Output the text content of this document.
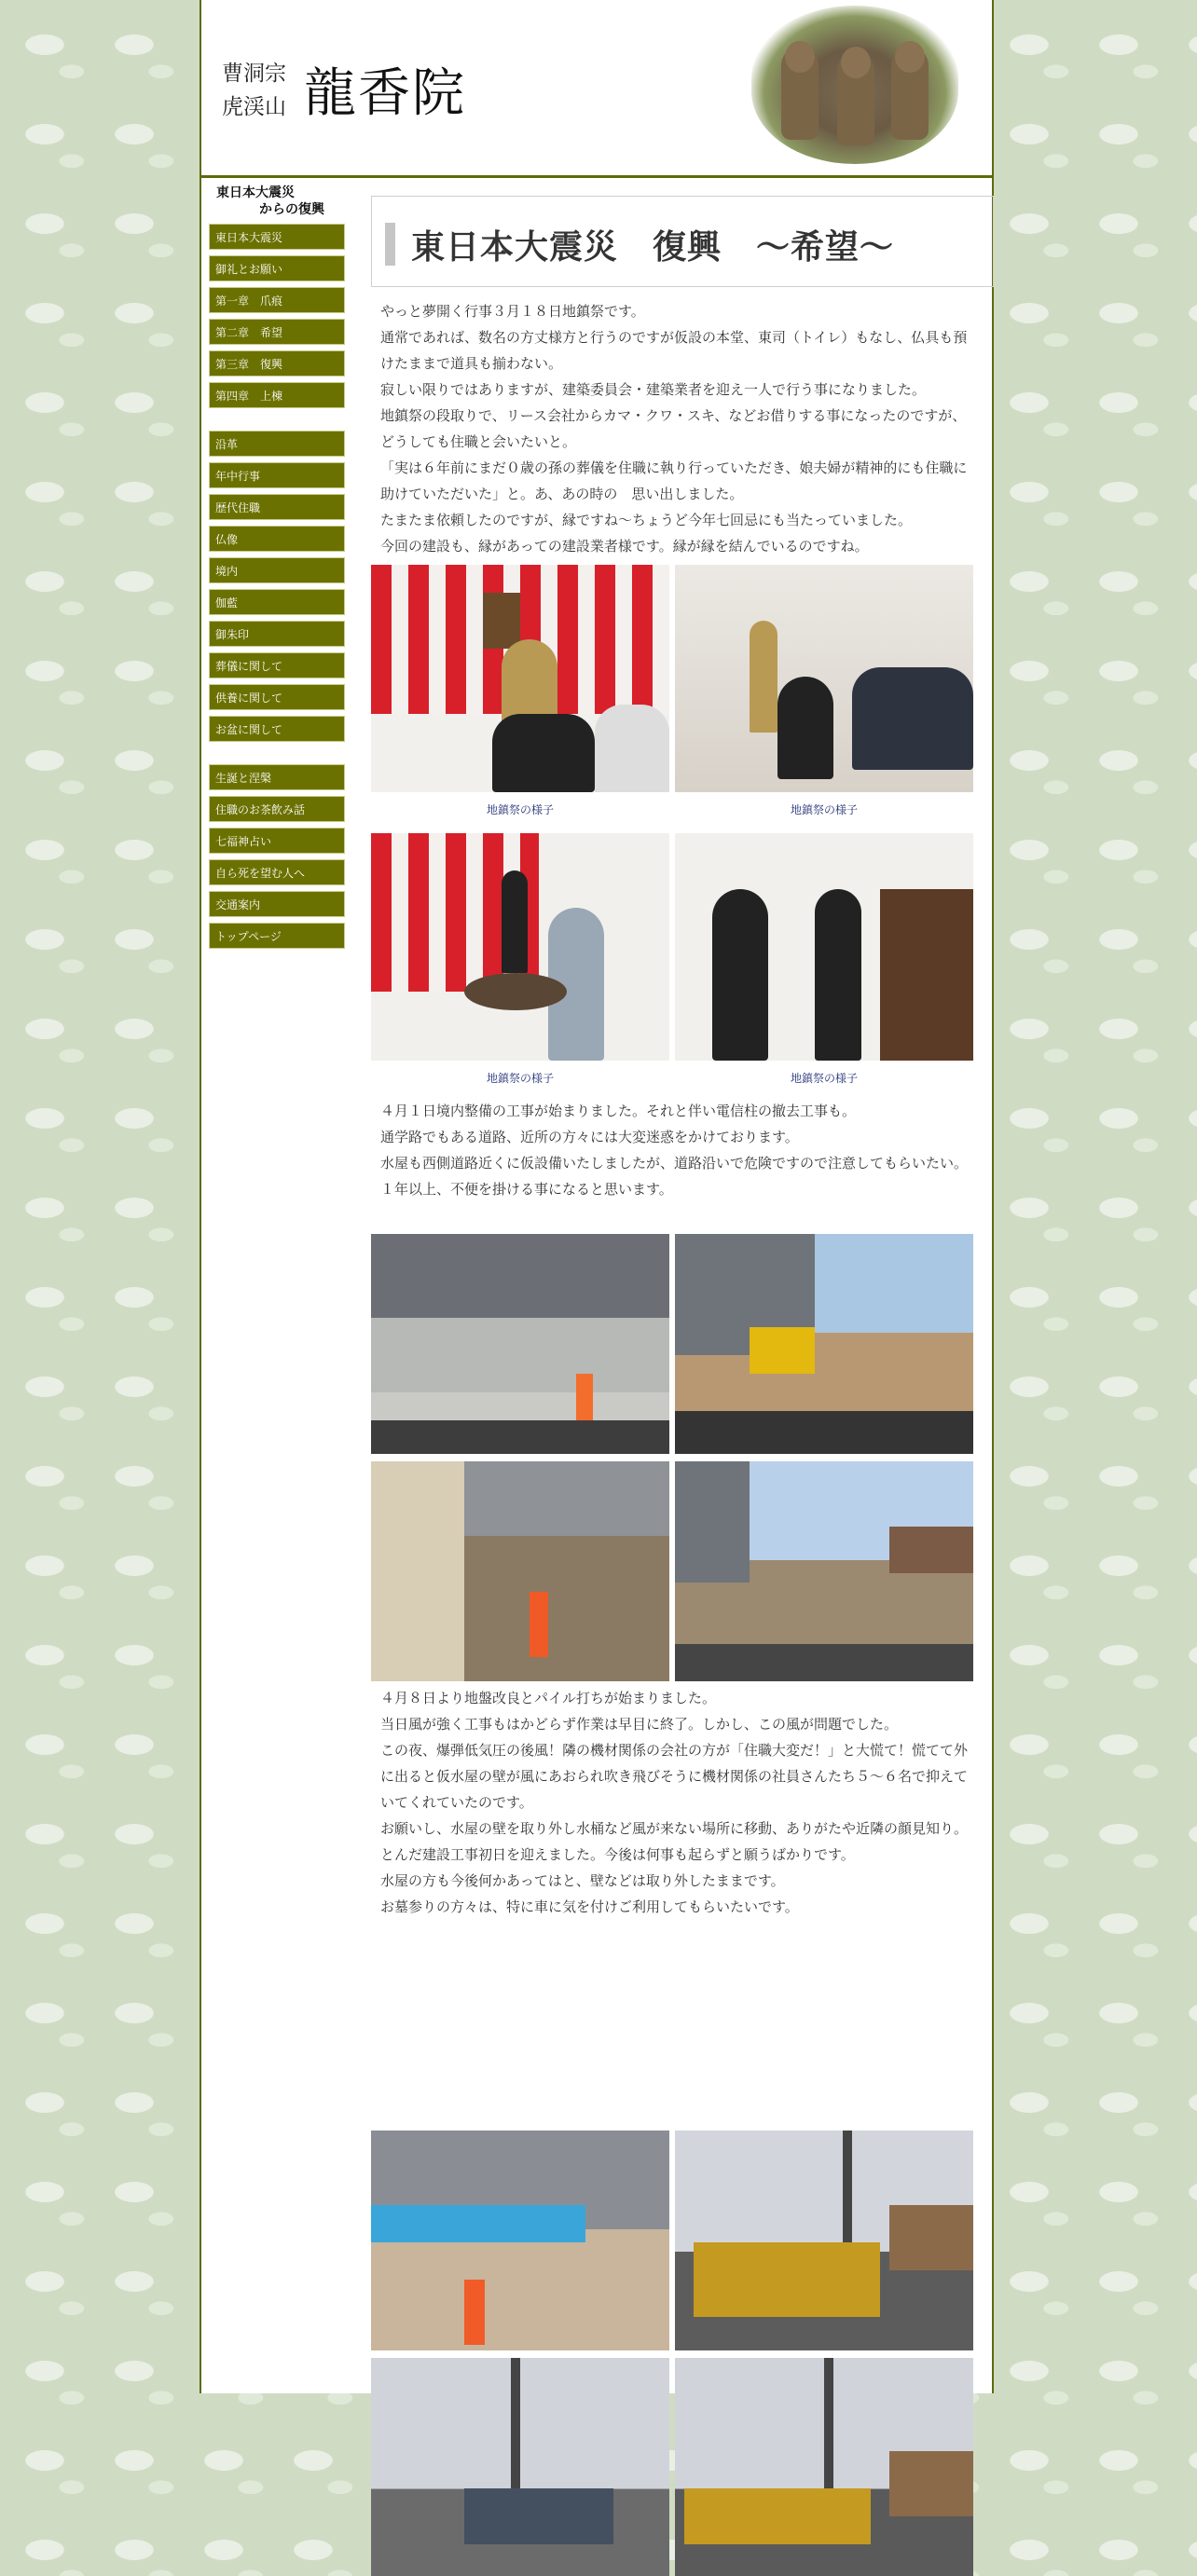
曹洞宗
虎渓山 龍香院
東日本大震災
からの復興
東日本大震災
御礼とお願い
第一章　爪痕
第二章　希望
第三章　復興
第四章　上棟
沿革
年中行事
歴代住職
仏像
境内
伽藍
御朱印
葬儀に関して
供養に関して
お盆に関して
生誕と涅槃
住職のお茶飲み話
七福神占い
自ら死を望む人へ
交通案内
トップページ
東日本大震災　復興　～希望～
やっと夢開く行事３月１８日地鎮祭です。
通常であれば、数名の方丈様方と行うのですが仮設の本堂、東司（トイレ）もなし、仏具も預けたままで道具も揃わない。
寂しい限りではありますが、建築委員会・建築業者を迎え一人で行う事になりました。
地鎮祭の段取りで、リース会社からカマ・クワ・スキ、などお借りする事になったのですが、どうしても住職と会いたいと。
「実は６年前にまだ０歳の孫の葬儀を住職に執り行っていただき、娘夫婦が精神的にも住職に助けていただいた」と。あ、あの時の　思い出しました。
たまたま依頼したのですが、縁ですね～ちょうど今年七回忌にも当たっていました。
今回の建設も、縁があっての建設業者様です。縁が縁を結んでいるのですね。
地鎮祭の様子	地鎮祭の様子
地鎮祭の様子	地鎮祭の様子
４月１日境内整備の工事が始まりました。それと伴い電信柱の撤去工事も。
通学路でもある道路、近所の方々には大変迷惑をかけております。
水屋も西側道路近くに仮設備いたしましたが、道路沿いで危険ですので注意してもらいたい。
１年以上、不便を掛ける事になると思います。
４月８日より地盤改良とパイル打ちが始まりました。
当日風が強く工事もはかどらず作業は早目に終了。しかし、この風が問題でした。
この夜、爆弾低気圧の後風！隣の機材関係の会社の方が「住職大変だ！」と大慌て！慌てて外に出ると仮水屋の壁が風にあおられ吹き飛びそうに機材関係の社員さんたち５～６名で抑えていてくれていたのです。
お願いし、水屋の壁を取り外し水桶など風が来ない場所に移動、ありがたや近隣の顔見知り。
とんだ建設工事初日を迎えました。今後は何事も起らずと願うばかりです。
水屋の方も今後何かあってはと、壁などは取り外したままです。
お墓参りの方々は、特に車に気を付けご利用してもらいたいです。
